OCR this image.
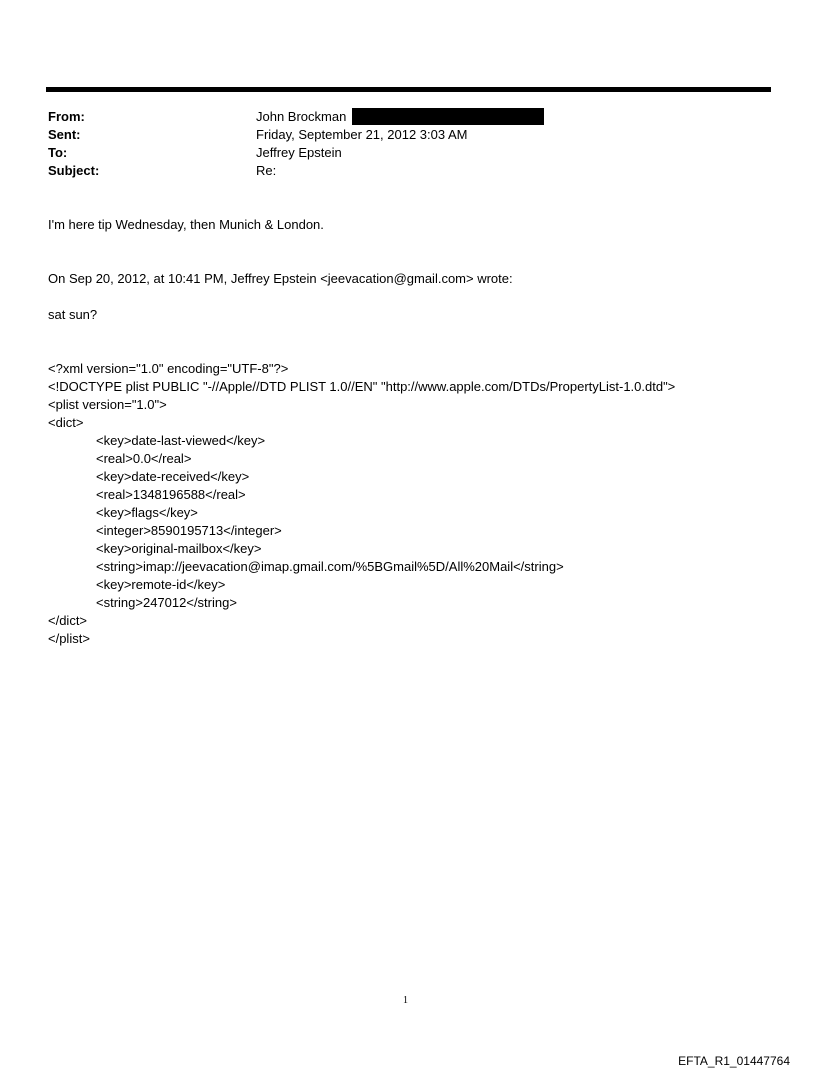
From:	John Brockman
Sent:	Friday, September 21, 2012 3:03 AM
To:	Jeffrey Epstein
Subject:	Re:
I'm here tip Wednesday, then Munich & London.
On Sep 20, 2012, at 10:41 PM, Jeffrey Epstein <jeevacation@gmail.com> wrote:
sat sun?
<?xml version="1.0" encoding="UTF-8"?>
<!DOCTYPE plist PUBLIC "-//Apple//DTD PLIST 1.0//EN" "http://www.apple.com/DTDs/PropertyList-1.0.dtd">
<plist version="1.0">
<dict>
<key>date-last-viewed</key>
<real>0.0</real>
<key>date-received</key>
<real>1348196588</real>
<key>flags</key>
<integer>8590195713</integer>
<key>original-mailbox</key>
<string>imap://jeevacation@imap.gmail.com/%5BGmail%5D/All%20Mail</string>
<key>remote-id</key>
<string>247012</string>
</dict>
</plist>
1
EFTA_R1_01447764
